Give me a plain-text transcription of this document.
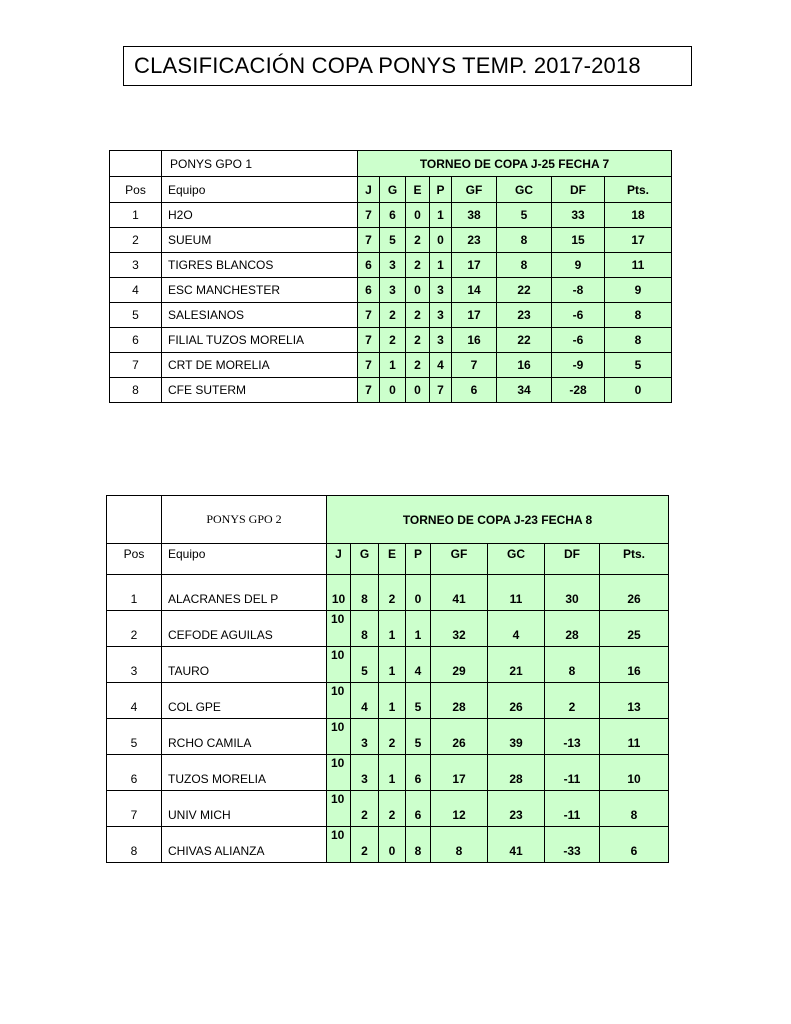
CLASIFICACIÓN COPA PONYS TEMP. 2017-2018
	PONYS GPO 1	TORNEO DE COPA J-25 FECHA 7							
Pos	Equipo	J	G	E	P	GF	GC	DF	Pts.
1	H2O	7	6	0	1	38	5	33	18
2	SUEUM	7	5	2	0	23	8	15	17
3	TIGRES BLANCOS	6	3	2	1	17	8	9	11
4	ESC MANCHESTER	6	3	0	3	14	22	-8	9
5	SALESIANOS	7	2	2	3	17	23	-6	8
6	FILIAL TUZOS MORELIA	7	2	2	3	16	22	-6	8
7	CRT DE MORELIA	7	1	2	4	7	16	-9	5
8	CFE SUTERM	7	0	0	7	6	34	-28	0
	PONYS GPO 2	TORNEO DE COPA J-23 FECHA 8							
Pos	Equipo	J	G	E	P	GF	GC	DF	Pts.

1	ALACRANES DEL P	10	8	2	0	41	11	30	26
2	CEFODE AGUILAS	10	8	1	1	32	4	28	25
3	TAURO	10	5	1	4	29	21	8	16
4	COL GPE	10	4	1	5	28	26	2	13
5	RCHO CAMILA	10	3	2	5	26	39	-13	11
6	TUZOS MORELIA	10	3	1	6	17	28	-11	10
7	UNIV MICH	10	2	2	6	12	23	-11	8
8	CHIVAS ALIANZA	10	2	0	8	8	41	-33	6
